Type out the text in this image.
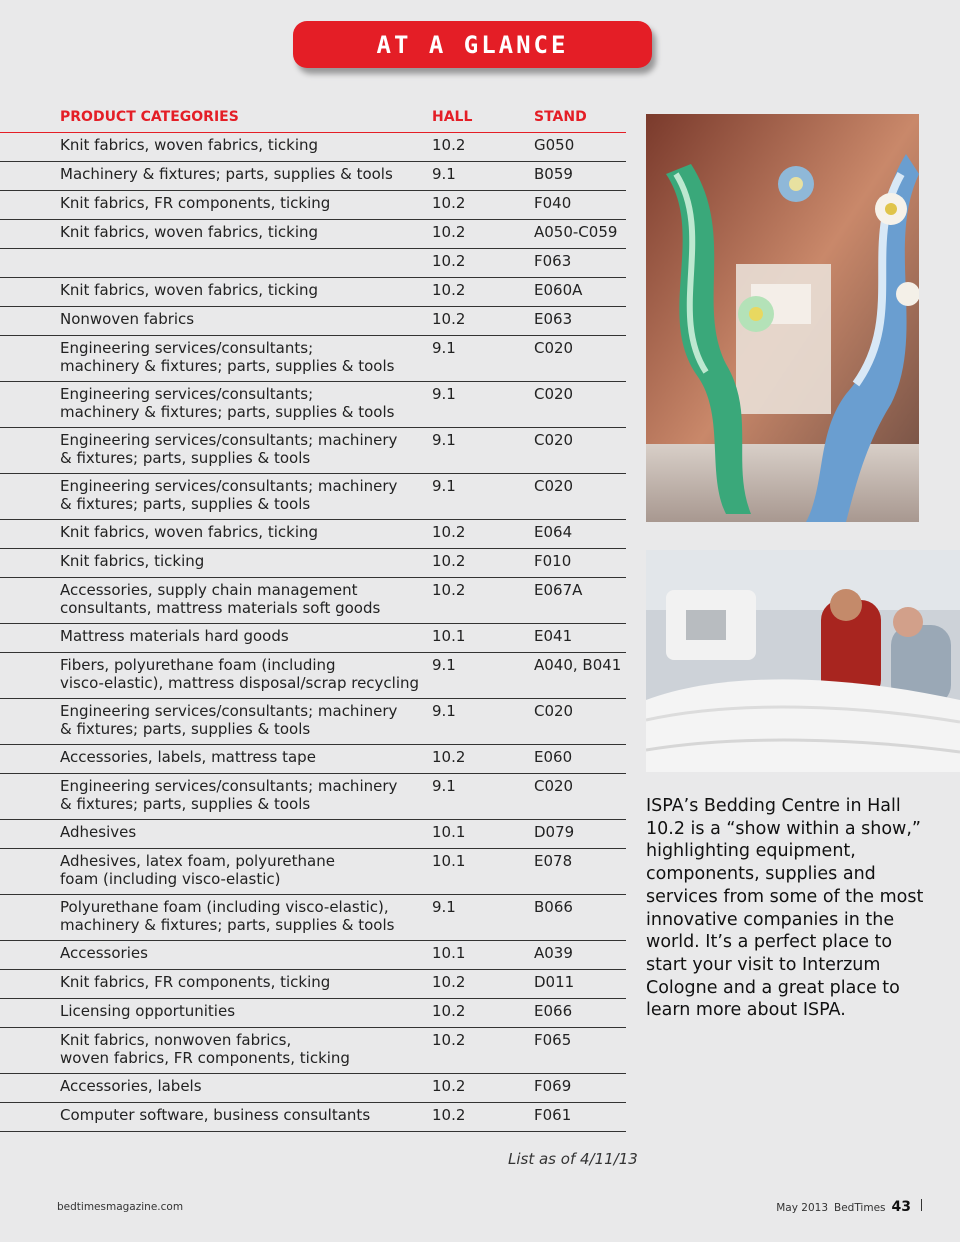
AT A GLANCE
PRODUCT CATEGORIES	HALL	STAND
Knit fabrics, woven fabrics, ticking	10.2	G050
Machinery & fixtures; parts, supplies & tools	9.1	B059
Knit fabrics, FR components, ticking	10.2	F040
Knit fabrics, woven fabrics, ticking	10.2	A050-C059
	10.2	F063
Knit fabrics, woven fabrics, ticking	10.2	E060A
Nonwoven fabrics	10.2	E063
Engineering services/consultants;
machinery & fixtures; parts, supplies & tools	9.1	C020
Engineering services/consultants;
machinery & fixtures; parts, supplies & tools	9.1	C020
Engineering services/consultants; machinery
& fixtures; parts, supplies & tools	9.1	C020
Engineering services/consultants; machinery
& fixtures; parts, supplies & tools	9.1	C020
Knit fabrics, woven fabrics, ticking	10.2	E064
Knit fabrics, ticking	10.2	F010
Accessories, supply chain management
consultants, mattress materials soft goods	10.2	E067A
Mattress materials hard goods	10.1	E041
Fibers, polyurethane foam (including
visco-elastic), mattress disposal/scrap recycling	9.1	A040, B041
Engineering services/consultants; machinery
& fixtures; parts, supplies & tools	9.1	C020
Accessories, labels, mattress tape	10.2	E060
Engineering services/consultants; machinery
& fixtures; parts, supplies & tools	9.1	C020
Adhesives	10.1	D079
Adhesives, latex foam, polyurethane
foam (including visco-elastic)	10.1	E078
Polyurethane foam (including visco-elastic),
machinery & fixtures; parts, supplies & tools	9.1	B066
Accessories	10.1	A039
Knit fabrics, FR components, ticking	10.2	D011
Licensing opportunities	10.2	E066
Knit fabrics, nonwoven fabrics,
woven fabrics, FR components, ticking	10.2	F065
Accessories, labels	10.2	F069
Computer software, business consultants	10.2	F061
List as of 4/11/13
ISPA’s Bedding Centre in Hall 10.2 is a “show within a show,” highlighting equipment, components, supplies and services from some of the most innovative companies in the world. It’s a perfect place to start your visit to Interzum Cologne and a great place to learn more about ISPA.
bedtimesmagazine.com	May 2013 BedTimes 43
